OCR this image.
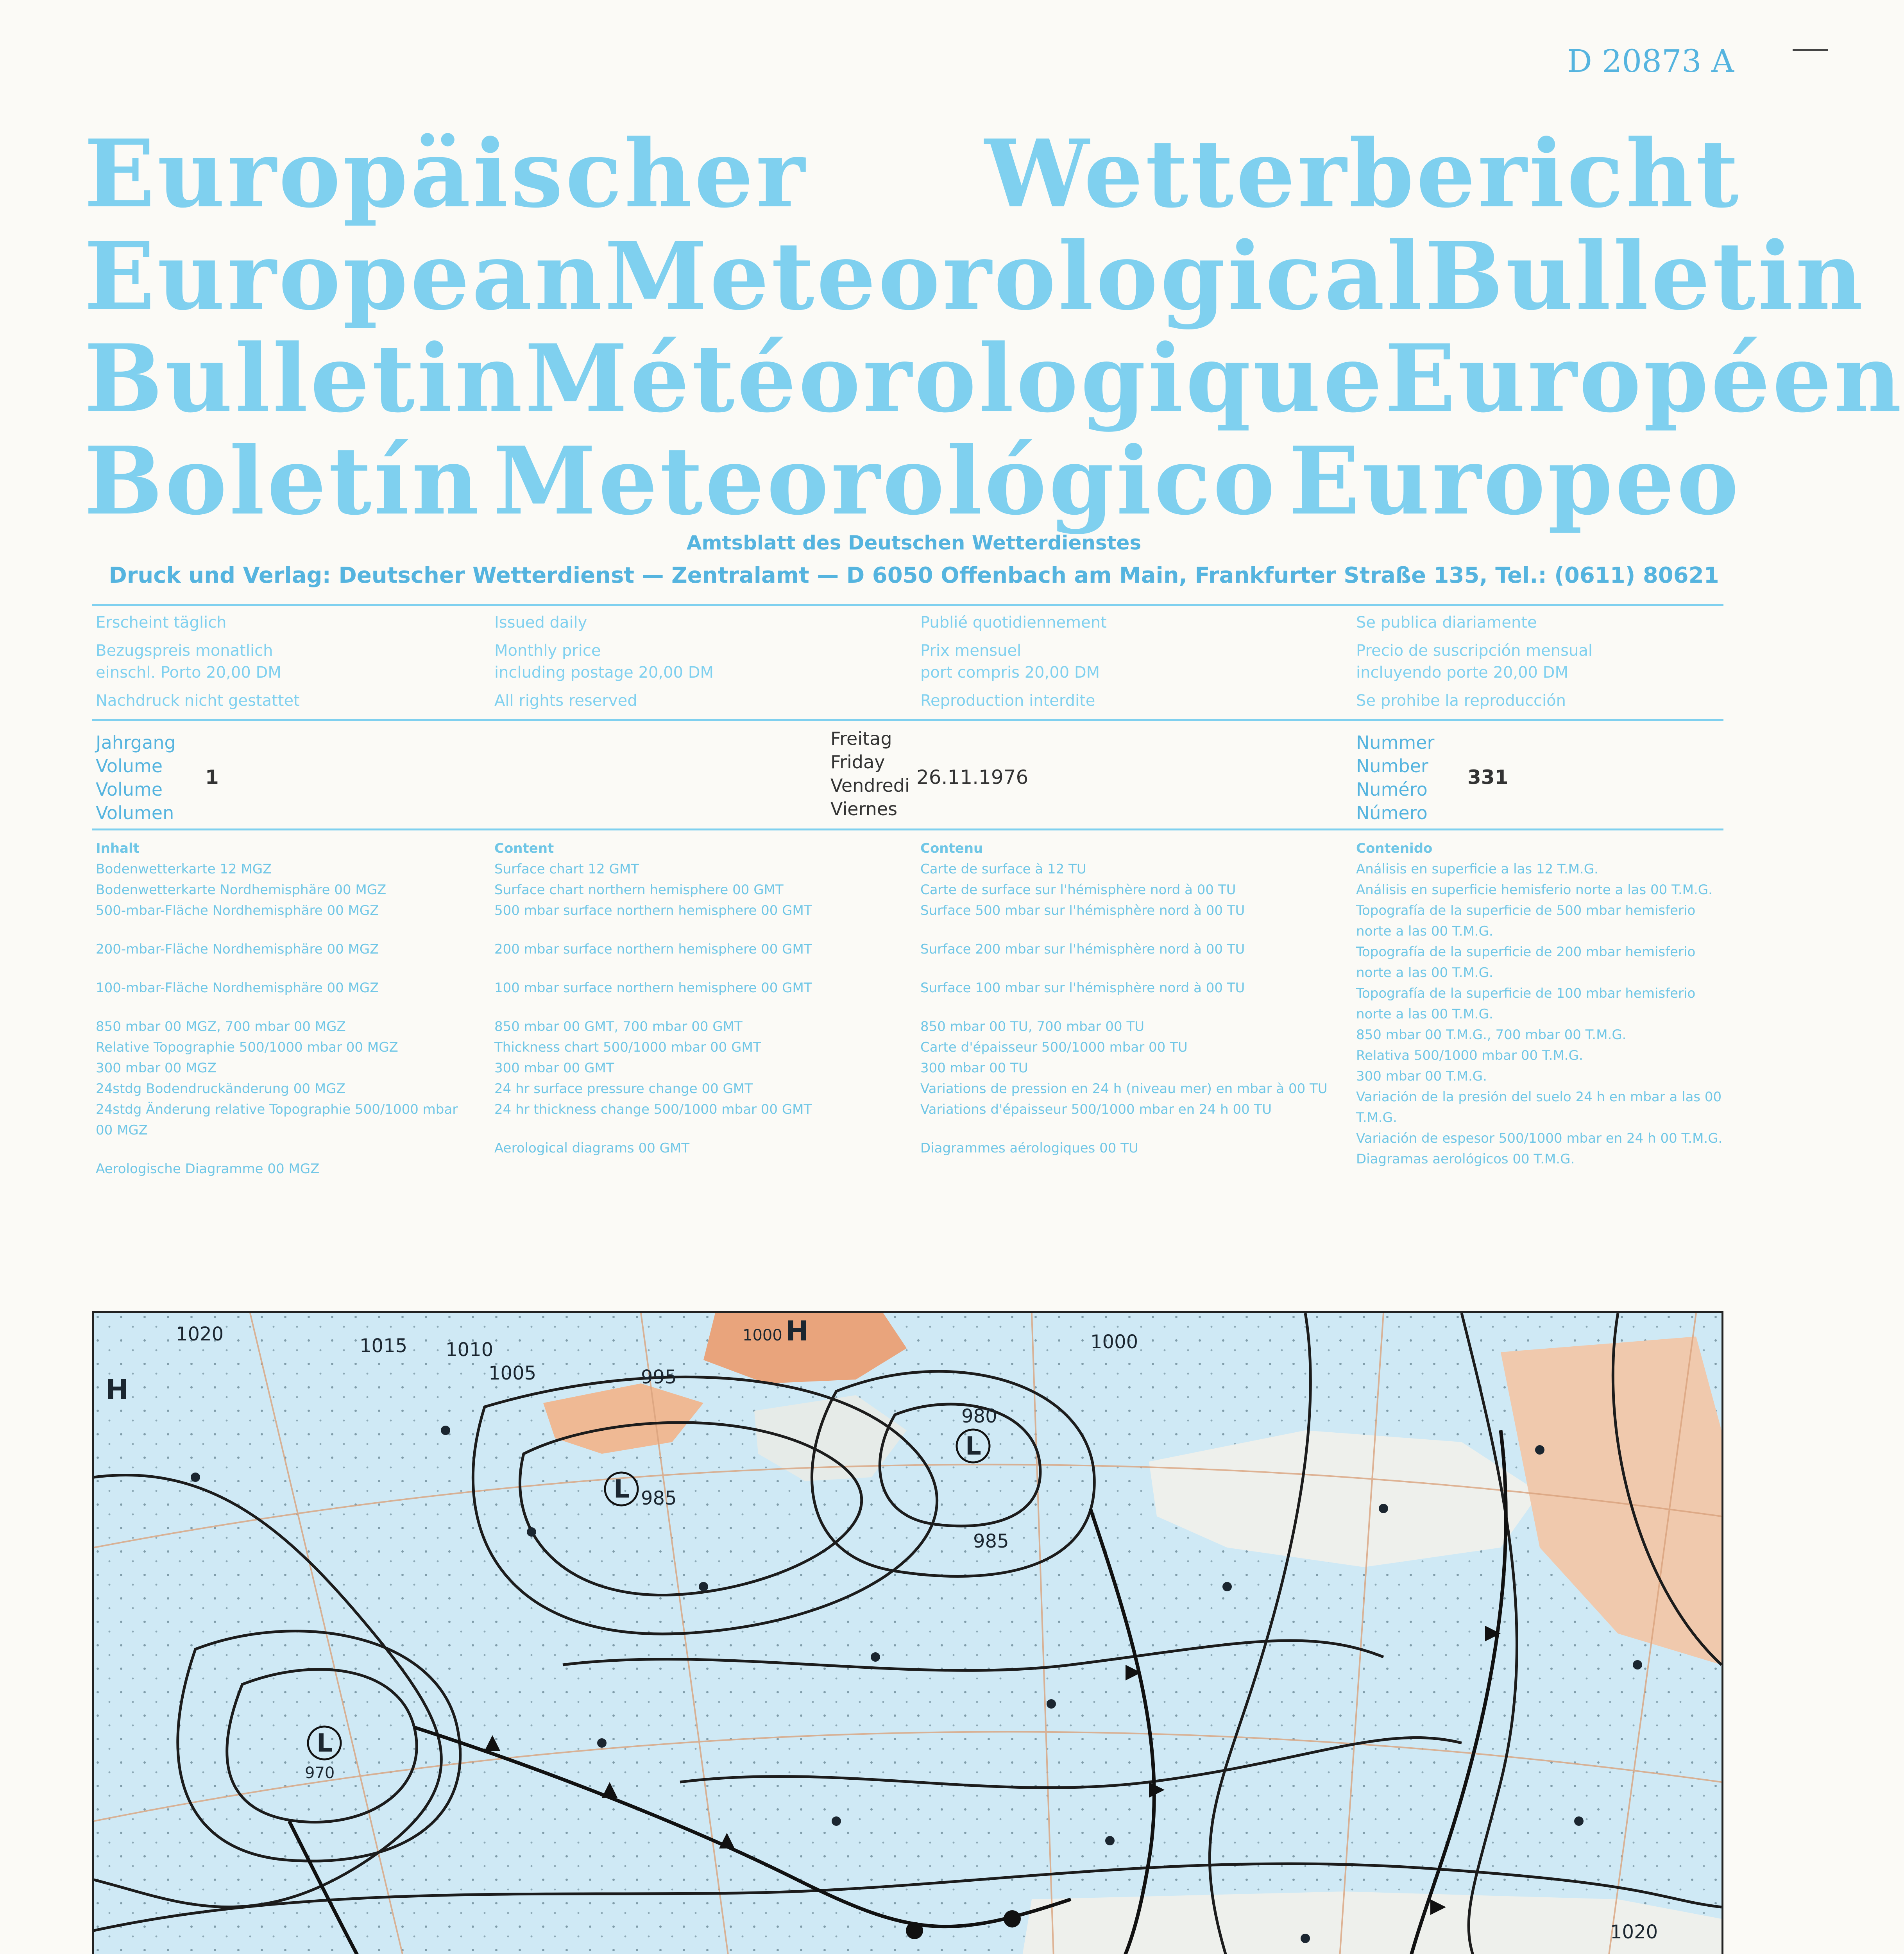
D 20873 A
Europäischer Wetterbericht
European Meteorological Bulletin
Bulletin Météorologique Européen
Boletín Meteorológico Europeo
Amtsblatt des Deutschen Wetterdienstes
Druck und Verlag: Deutscher Wetterdienst — Zentralamt — D 6050 Offenbach am Main, Frankfurter Straße 135, Tel.: (0611) 80621
Erscheint täglich
Bezugspreis monatlich
einschl. Porto 20,00 DM
Nachdruck nicht gestattet
Issued daily
Monthly price
including postage 20,00 DM
All rights reserved
Publié quotidiennement
Prix mensuel
port compris 20,00 DM
Reproduction interdite
Se publica diariamente
Precio de suscripción mensual
incluyendo porte 20,00 DM
Se prohibe la reproducción
Jahrgang
Volume
Volume
Volumen
1
Freitag
Friday
Vendredi
Viernes
26.11.1976
Nummer
Number
Numéro
Número
331
Inhalt
Bodenwetterkarte 12 MGZ
Bodenwetterkarte Nordhemisphäre 00 MGZ
500-mbar-Fläche Nordhemisphäre 00 MGZ
200-mbar-Fläche Nordhemisphäre 00 MGZ
100-mbar-Fläche Nordhemisphäre 00 MGZ
850 mbar 00 MGZ, 700 mbar 00 MGZ
Relative Topographie 500/1000 mbar 00 MGZ
300 mbar 00 MGZ
24stdg Bodendruckänderung 00 MGZ
24stdg Änderung relative Topographie 500/1000 mbar 00 MGZ
Aerologische Diagramme 00 MGZ
Content
Surface chart 12 GMT
Surface chart northern hemisphere 00 GMT
500 mbar surface northern hemisphere 00 GMT
200 mbar surface northern hemisphere 00 GMT
100 mbar surface northern hemisphere 00 GMT
850 mbar 00 GMT, 700 mbar 00 GMT
Thickness chart 500/1000 mbar 00 GMT
300 mbar 00 GMT
24 hr surface pressure change 00 GMT
24 hr thickness change 500/1000 mbar 00 GMT
Aerological diagrams 00 GMT
Contenu
Carte de surface à 12 TU
Carte de surface sur l'hémisphère nord à 00 TU
Surface 500 mbar sur l'hémisphère nord à 00 TU
Surface 200 mbar sur l'hémisphère nord à 00 TU
Surface 100 mbar sur l'hémisphère nord à 00 TU
850 mbar 00 TU, 700 mbar 00 TU
Carte d'épaisseur 500/1000 mbar 00 TU
300 mbar 00 TU
Variations de pression en 24 h (niveau mer) en mbar à 00 TU
Variations d'épaisseur 500/1000 mbar en 24 h 00 TU
Diagrammes aérologiques 00 TU
Contenido
Análisis en superficie a las 12 T.M.G.
Análisis en superficie hemisferio norte a las 00 T.M.G.
Topografía de la superficie de 500 mbar hemisferio norte a las 00 T.M.G.
Topografía de la superficie de 200 mbar hemisferio norte a las 00 T.M.G.
Topografía de la superficie de 100 mbar hemisferio norte a las 00 T.M.G.
850 mbar 00 T.M.G., 700 mbar 00 T.M.G.
Relativa 500/1000 mbar 00 T.M.G.
300 mbar 00 T.M.G.
Variación de la presión del suelo 24 h en mbar a las 00 T.M.G.
Variación de espesor 500/1000 mbar en 24 h 00 T.M.G.
Diagramas aerológicos 00 T.M.G.
H
1000
L 985
L
980
L
970
H
1020
1015 1010
1005	995
985
1000
1020
